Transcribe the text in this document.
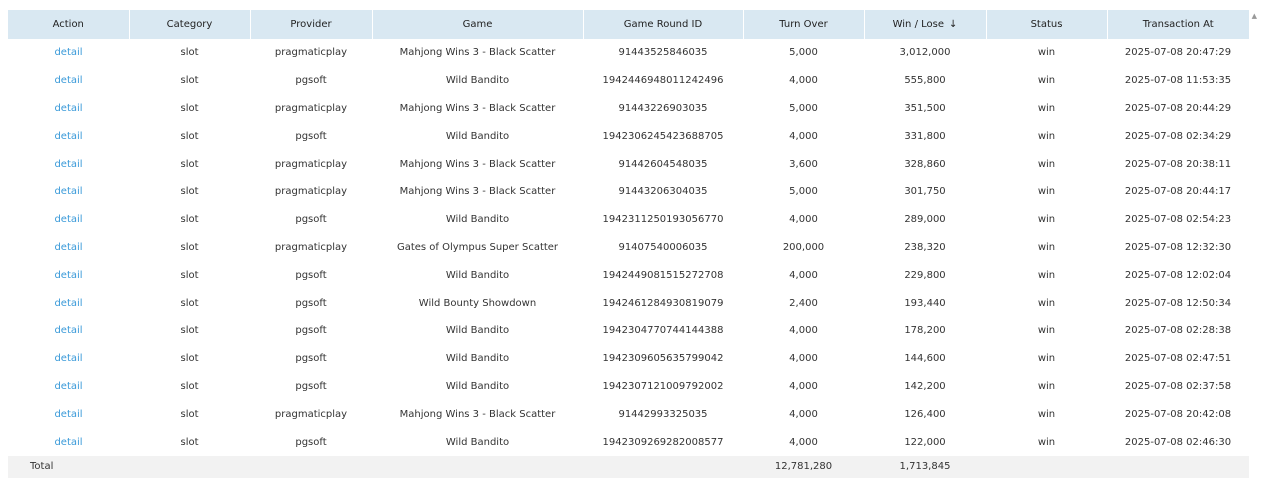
Action	Category	Provider	Game	Game Round ID	Turn Over	Win / Lose ↓	Status	Transaction At
detail	slot	pragmaticplay	Mahjong Wins 3 - Black Scatter	91443525846035	5,000	3,012,000	win	2025-07-08 20:47:29
detail	slot	pgsoft	Wild Bandito	1942446948011242496	4,000	555,800	win	2025-07-08 11:53:35
detail	slot	pragmaticplay	Mahjong Wins 3 - Black Scatter	91443226903035	5,000	351,500	win	2025-07-08 20:44:29
detail	slot	pgsoft	Wild Bandito	1942306245423688705	4,000	331,800	win	2025-07-08 02:34:29
detail	slot	pragmaticplay	Mahjong Wins 3 - Black Scatter	91442604548035	3,600	328,860	win	2025-07-08 20:38:11
detail	slot	pragmaticplay	Mahjong Wins 3 - Black Scatter	91443206304035	5,000	301,750	win	2025-07-08 20:44:17
detail	slot	pgsoft	Wild Bandito	1942311250193056770	4,000	289,000	win	2025-07-08 02:54:23
detail	slot	pragmaticplay	Gates of Olympus Super Scatter	91407540006035	200,000	238,320	win	2025-07-08 12:32:30
detail	slot	pgsoft	Wild Bandito	1942449081515272708	4,000	229,800	win	2025-07-08 12:02:04
detail	slot	pgsoft	Wild Bounty Showdown	1942461284930819079	2,400	193,440	win	2025-07-08 12:50:34
detail	slot	pgsoft	Wild Bandito	1942304770744144388	4,000	178,200	win	2025-07-08 02:28:38
detail	slot	pgsoft	Wild Bandito	1942309605635799042	4,000	144,600	win	2025-07-08 02:47:51
detail	slot	pgsoft	Wild Bandito	1942307121009792002	4,000	142,200	win	2025-07-08 02:37:58
detail	slot	pragmaticplay	Mahjong Wins 3 - Black Scatter	91442993325035	4,000	126,400	win	2025-07-08 20:42:08
detail	slot	pgsoft	Wild Bandito	1942309269282008577	4,000	122,000	win	2025-07-08 02:46:30
Total					12,781,280	1,713,845		
▲
